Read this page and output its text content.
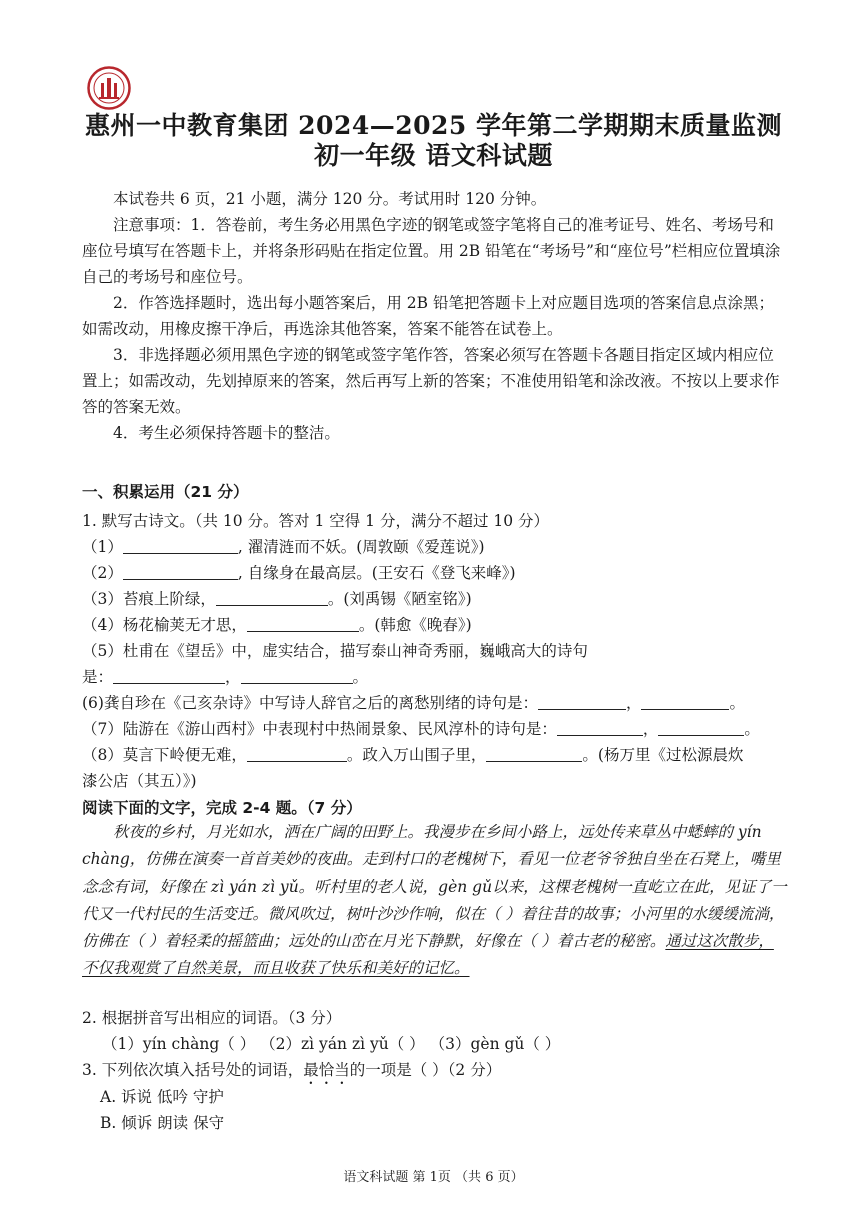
惠州一中教育集团 2024—2025 学年第二学期期末质量监测
初一年级 语文科试题

本试卷共 6 页，21 小题，满分 120 分。考试用时 120 分钟。

注意事项：1．答卷前，考生务必用黑色字迹的钢笔或签字笔将自己的准考证号、姓名、考场号和座位号填写在答题卡上，并将条形码贴在指定位置。用 2B 铅笔在“考场号”和“座位号”栏相应位置填涂自己的考场号和座位号。

2．作答选择题时，选出每小题答案后，用 2B 铅笔把答题卡上对应题目选项的答案信息点涂黑；如需改动，用橡皮擦干净后，再选涂其他答案，答案不能答在试卷上。

3．非选择题必须用黑色字迹的钢笔或签字笔作答，答案必须写在答题卡各题目指定区域内相应位置上；如需改动，先划掉原来的答案，然后再写上新的答案；不准使用铅笔和涂改液。不按以上要求作答的答案无效。

4．考生必须保持答题卡的整洁。

一、积累运用（21 分）
1. 默写古诗文。（共 10 分。答对 1 空得 1 分，满分不超过 10 分）
（1）	, 濯清涟而不妖。(周敦颐《爱莲说》)
（2）	, 自缘身在最高层。(王安石《登飞来峰》)
（3）苔痕上阶绿，	。(刘禹锡《陋室铭》)
（4）杨花榆荚无才思，	。(韩愈《晚春》)
（5）杜甫在《望岳》中，虚实结合，描写泰山神奇秀丽，巍峨高大的诗句
是：	，	。
(6)龚自珍在《己亥杂诗》中写诗人辞官之后的离愁别绪的诗句是：	，	。
（7）陆游在《游山西村》中表现村中热闹景象、民风淳朴的诗句是：	，	。
（8）莫言下岭便无难，	。政入万山围子里，	。(杨万里《过松源晨炊
漆公店（其五）》)
阅读下面的文字，完成 2-4 题。（7 分）
秋夜的乡村，月光如水，洒在广阔的田野上。我漫步在乡间小路上，远处传来草丛中蟋蟀的 yín chàng，仿佛在演奏一首首美妙的夜曲。走到村口的老槐树下，看见一位老爷爷独自坐在石凳上，嘴里念念有词，好像在 zì yán zì yǔ。听村里的老人说，gèn gǔ以来，这棵老槐树一直屹立在此，见证了一代又一代村民的生活变迁。微风吹过，树叶沙沙作响，似在（ ）着往昔的故事；小河里的水缓缓流淌，仿佛在（ ）着轻柔的摇篮曲；远处的山峦在月光下静默，好像在（ ）着古老的秘密。通过这次散步，不仅我观赏了自然美景，而且收获了快乐和美好的记忆。
2. 根据拼音写出相应的词语。（3 分）
（1）yín chàng（ ） （2）zì yán zì yǔ（ ） （3）gèn gǔ（ ）
3. 下列依次填入括号处的词语，最恰当的一项是（ ）（2 分）
A. 诉说 低吟 守护
B. 倾诉 朗读 保守
语文科试题 第 1页 （共 6 页）
